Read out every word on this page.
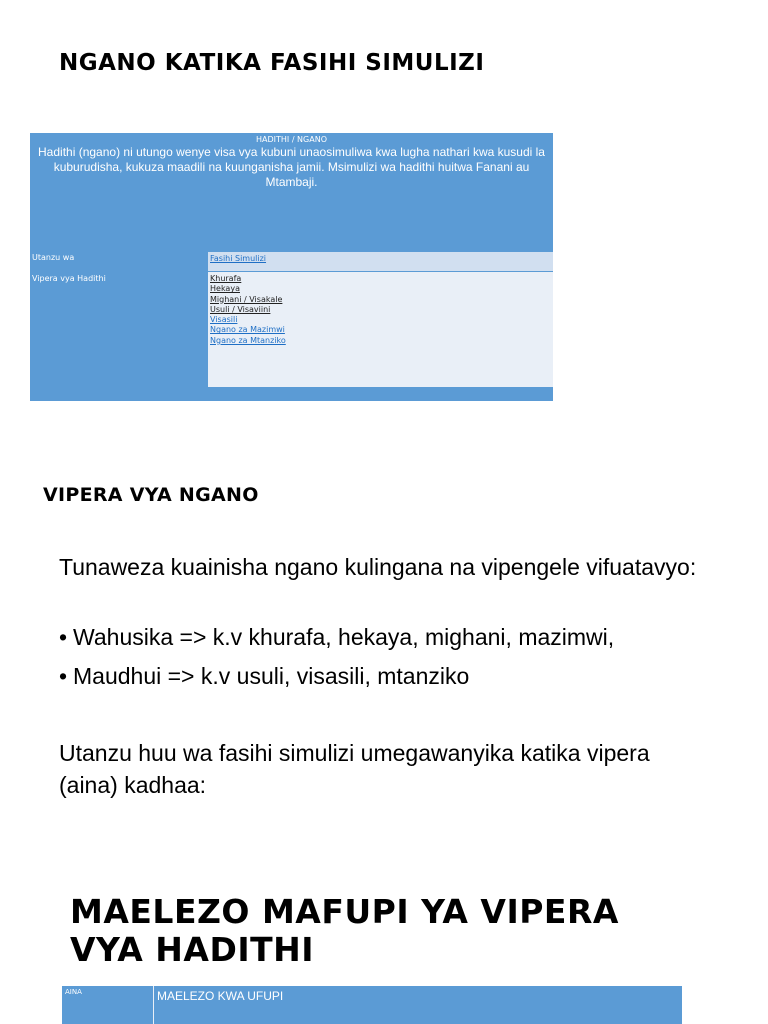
NGANO KATIKA FASIHI SIMULIZI
HADITHI / NGANO
Hadithi (ngano) ni utungo wenye visa vya kubuni unaosimuliwa kwa lugha nathari kwa kusudi la kuburudisha, kukuza maadili na kuunganisha jamii. Msimulizi wa hadithi huitwa Fanani au Mtambaji.
Utanzu wa	Fasihi Simulizi
Vipera vya Hadithi	Khurafa
Hekaya
Mighani / Visakale
Usuli / Visaviini
Visasili
Ngano za Mazimwi
Ngano za Mtanziko
VIPERA VYA NGANO
Tunaweza kuainisha ngano kulingana na vipengele vifuatavyo:
• Wahusika => k.v khurafa, hekaya, mighani, mazimwi,
• Maudhui => k.v usuli, visasili, mtanziko
Utanzu huu wa fasihi simulizi umegawanyika katika vipera (aina) kadhaa:
MAELEZO MAFUPI YA VIPERA VYA HADITHI
AINA	MAELEZO KWA UFUPI
